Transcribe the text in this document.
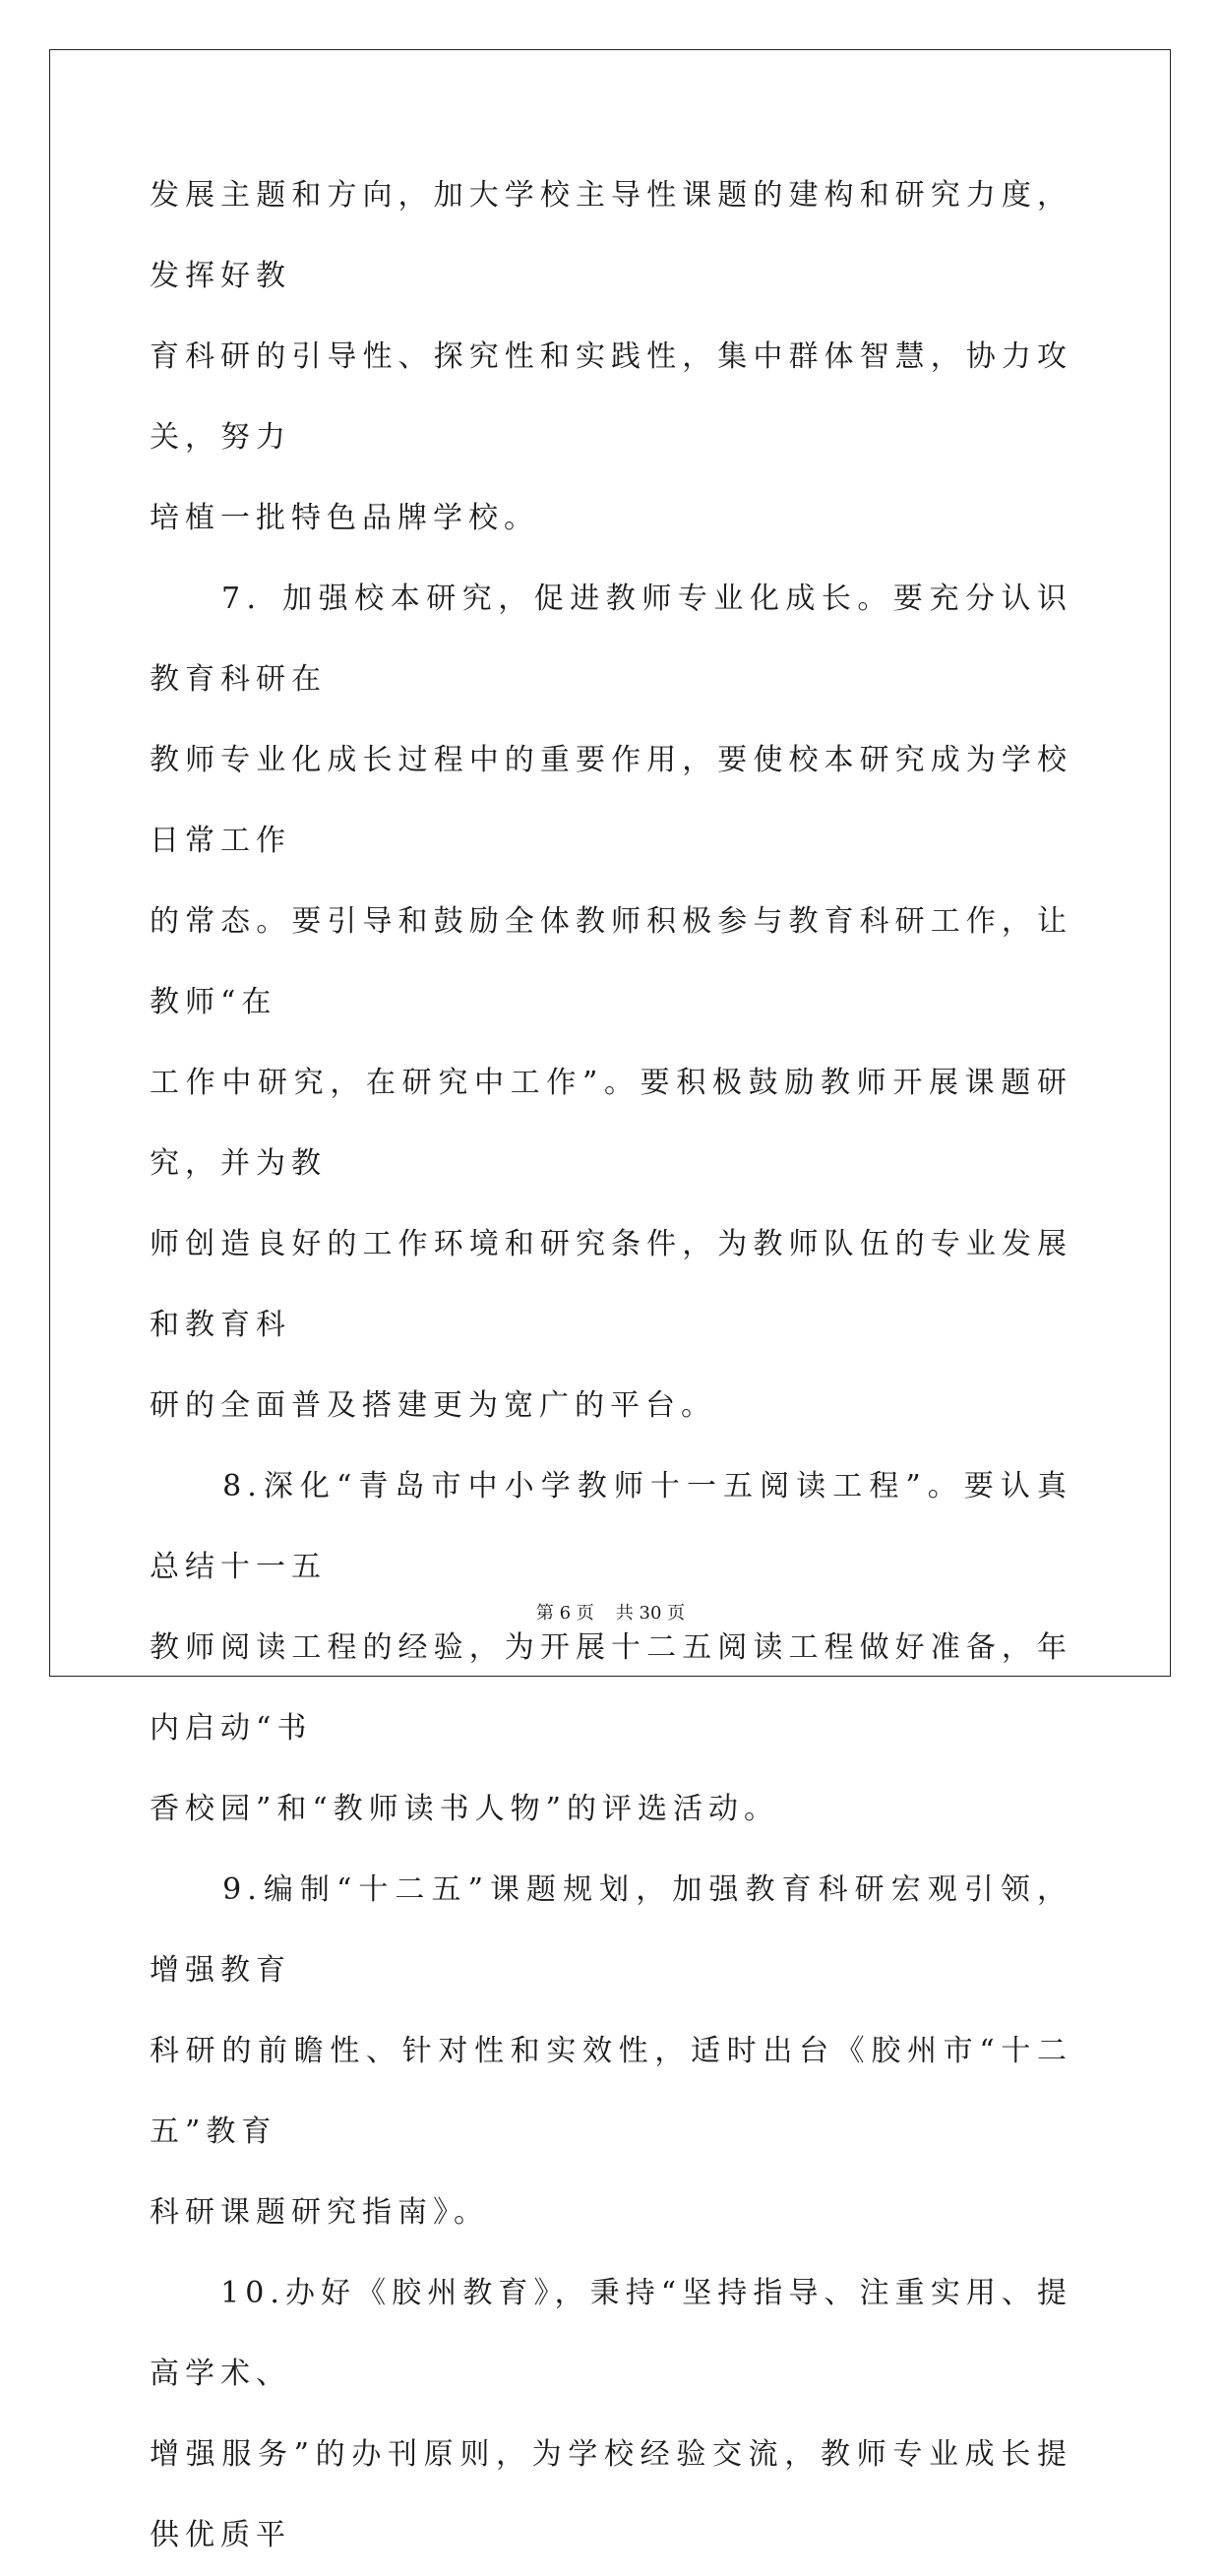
发展主题和方向，加大学校主导性课题的建构和研究力度，发挥好教

育科研的引导性、探究性和实践性，集中群体智慧，协力攻关，努力

培植一批特色品牌学校。

　　7．加强校本研究，促进教师专业化成长。要充分认识教育科研在

教师专业化成长过程中的重要作用，要使校本研究成为学校日常工作

的常态。要引导和鼓励全体教师积极参与教育科研工作，让教师“在

工作中研究，在研究中工作”。要积极鼓励教师开展课题研究，并为教

师创造良好的工作环境和研究条件，为教师队伍的专业发展和教育科

研的全面普及搭建更为宽广的平台。

　　8.深化“青岛市中小学教师十一五阅读工程”。要认真总结十一五

教师阅读工程的经验，为开展十二五阅读工程做好准备，年内启动“书

香校园”和“教师读书人物”的评选活动。

　　9.编制“十二五”课题规划，加强教育科研宏观引领，增强教育

科研的前瞻性、针对性和实效性，适时出台《胶州市“十二五”教育

科研课题研究指南》。

　　10.办好《胶州教育》，秉持“坚持指导、注重实用、提高学术、

增强服务”的办刊原则，为学校经验交流，教师专业成长提供优质平

第 6 页 共 30 页
